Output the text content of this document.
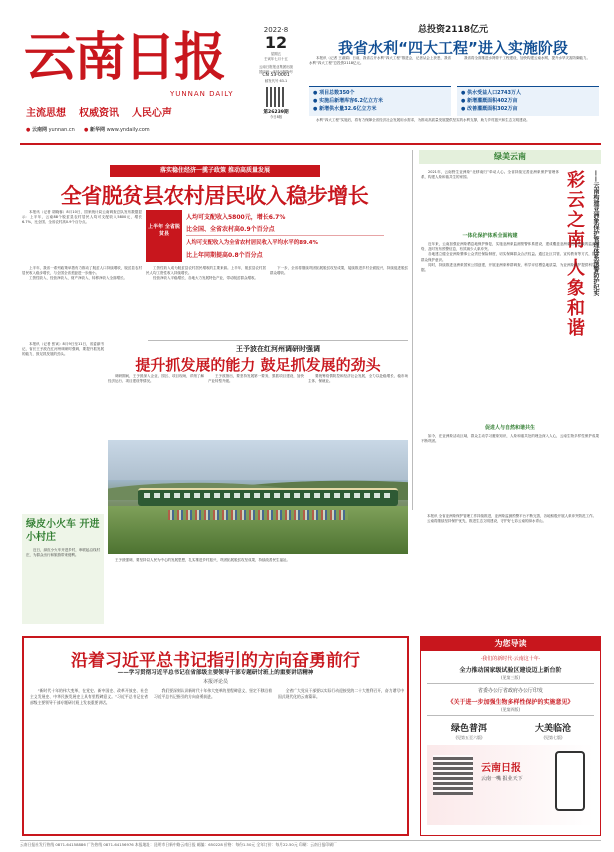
云南日报
YUNNAN DAILY
主流思想 权威资讯 人民心声
● 云南网 yunnan.cn ● 新华网 www.yndaily.com
2022·8
12
星期五
壬寅年七月十五
云南日报报业集团出版
国内统一连续出版物号
CN 53-0001
邮发代号 63-1
第26239期
今日8版
总投资2118亿元
我省水利“四大工程”进入实施阶段

本报讯（记者 王淑娟）日前，我省召开水利“四大工程”推进会，记者从会上获悉，我省水利“四大工程”总投资2118亿元。

我省将全面推进水网骨干工程建设，加快构建云南水网，提升水旱灾害防御能力。

● 项目总数350个
● 实施后新增库容6.2亿立方米
● 新增供水量32.6亿立方米
● 供水受益人口2743万人
● 新增灌溉面积402万亩
● 改善灌溉面积302万亩

水利“四大工程”实施后，将有力保障全省经济社会发展用水需求，为推动高质量发展提供坚实的水利支撑，助力乡村振兴和生态文明建设。

落实稳住经济一揽子政策 推动高质量发展
全省脱贫县农村居民收入稳步增长

本报讯（记者 胡晓蓉）8月10日，国家统计局云南调查总队发布数据显示：上半年，云南88个脱贫县农村居民人均可支配收入5800元，增长6.7%，比全国、全省农村高0.9个百分点。

上半年 全省脱贫县
人均可支配收入5800元，增长6.7%
比全国、全省农村高0.9个百分点
人均可支配收入为全省农村居民收入平均水平的89.4%
比上年同期提高0.8个百分点

上半年，我省一系列政策举措有力推动了脱贫人口持续增收，脱贫县农村居民收入稳步增长，与全国全省差距进一步缩小。

工资性收入、经营净收入、财产净收入、转移净收入全面增长。

工资性收入成为脱贫县农村居民增收的主要来源。上半年，脱贫县农村居民人均工资性收入持续增长。

经营净收入平稳增长，各地大力发展特色产业，带动脱贫群众增收。

下一步，全省将继续巩固拓展脱贫攻坚成果，接续推进乡村全面振兴，持续促进脱贫群众增收。

绿美云南
彩云之南 人象和谐	——云南构建亚洲象保护管理体系预警防护纪实

2021年，云南野生亚洲象“北移南归”牵动人心。全省持续完善亚洲象保护管理体系，构建人象和谐共生的家园。

一体化保护体系全面构建

近年来，云南加强亚洲象栖息地保护修复，实施亚洲象监测预警体系建设，建成覆盖亚洲象活动区域的监测网络，及时发布预警信息，有效减少人象冲突。

各地建立健全亚洲象肇事公众责任保险制度，切实保障群众合法权益。通过社区共管、宣传教育等方式，提高群众保护意识。

同时，持续推进亚洲象国家公园创建，开展亚洲象种群调查，科学评估栖息地质量，为亚洲象保护提供科学依据。

促进人与自然和谐共生

如今，在亚洲象活动区域，群众主动学习避象知识，人象和谐共处的理念深入人心，云南生物多样性保护成果不断巩固。

王予波在红河州调研时强调
提升抓发展的能力 鼓足抓发展的劲头

本报讯（记者 张寅）8月9日至11日，省委副书记、省长王予波在红河州调研时强调，要提升抓发展的能力，鼓足抓发展的劲头。

调研期间，王予波深入企业、园区、项目现场，详细了解经济运行、项目建设等情况。

王予波指出，要坚持发展第一要务，狠抓项目建设，加快产业转型升级。

要统筹疫情防控和经济社会发展，全力以赴稳增长、稳市场主体、保就业。

绿皮小火车 开进小村庄

近日，绿皮小火车开进乡村，串联起沿线村庄，为群众出行和旅游带来便利。

王予波强调，要坚持以人民为中心的发展思想，扎实推进乡村振兴，巩固拓展脱贫攻坚成果，持续改善民生福祉。

本报讯 全省亚洲象保护管理工作持续推进，亚洲象监测预警平台不断完善，各地积极开展人象冲突防范工作。

云南将继续坚持保护优先，推进生态文明建设，守护好七彩云南的绿水青山。

沿着习近平总书记指引的方向奋勇前行
——学习贯彻习近平总书记在省部级主要领导干部专题研讨班上的重要讲话精神
本报评论员

“新时代十年的伟大变革，在党史、新中国史、改革开放史、社会主义发展史、中华民族发展史上具有里程碑意义。”习近平总书记在省部级主要领导干部专题研讨班上发表重要讲话。

我们要深刻认识新时代十年伟大变革的里程碑意义，坚定不移沿着习近平总书记指引的方向奋勇前进。

全省广大党员干部要以实际行动迎接党的二十大胜利召开，奋力谱写中国式现代化的云南篇章。

为您导读
·我们的新时代·云南这十年·
全力推动国家级试验区建设迈上新台阶
(见第三版)
省委办公厅省政府办公厅印发
《关于进一步加强生物多样性保护的实施意见》
(见第四版)
绿色普洱	大美临沧
(见第五至六版)	(见第七版)
云南日报
云南一嘴 报业天下
云南日报社发行热线 0871-64158886 广告热线 0871-64156976 本报地址：昆明市日新中路云南日报 邮编：650228 价格：每份1.50元 全年订价：每月22.50元 印刷：云南日报印刷厂
